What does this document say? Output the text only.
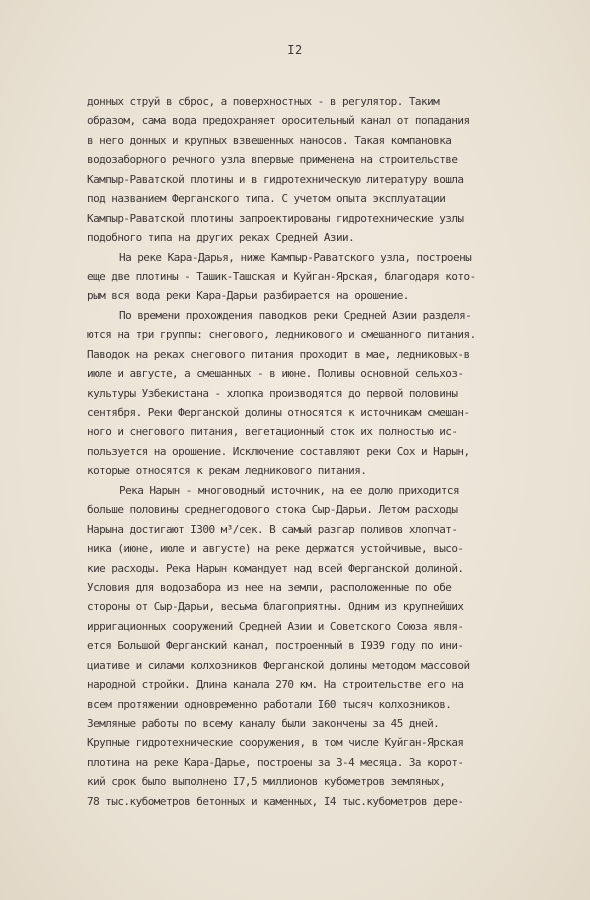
I2
донных струй в сброс, а поверхностных - в регулятор. Таким
образом, сама вода предохраняет оросительный канал от попадания
в него донных и крупных взвешенных наносов. Такая компановка
водозаборного речного узла впервые применена на строительстве
Кампыр-Раватской плотины и в гидротехническую литературу вошла
под названием Ферганского типа. С учетом опыта эксплуатации
Кампыр-Раватской плотины запроектированы гидротехнические узлы
подобного типа на других реках Средней Азии.
На реке Кара-Дарья, ниже Кампыр-Раватского узла, построены
еще две плотины - Ташик-Ташская и Куйган-Ярская, благодаря кото-
рым вся вода реки Кара-Дарьи разбирается на орошение.
По времени прохождения паводков реки Средней Азии разделя-
ются на три группы: снегового, ледникового и смешанного питания.
Паводок на реках снегового питания проходит в мае, ледниковых-в
июле и августе, а смешанных - в июне. Поливы основной сельхоз-
культуры Узбекистана - хлопка производятся до первой половины
сентября. Реки Ферганской долины относятся к источникам смешан-
ного и снегового питания, вегетационный сток их полностью ис-
пользуется на орошение. Исключение составляют реки Сох и Нарын,
которые относятся к рекам ледникового питания.
Река Нарын - многоводный источник, на ее долю приходится
больше половины среднегодового стока Сыр-Дарьи. Летом расходы
Нарына достигают I300 м³/сек. В самый разгар поливов хлопчат-
ника (июне, июле и августе) на реке держатся устойчивые, высо-
кие расходы. Река Нарын командует над всей Ферганской долиной.
Условия для водозабора из нее на земли, расположенные по обе
стороны от Сыр-Дарьи, весьма благоприятны. Одним из крупнейших
ирригационных сооружений Средней Азии и Советского Союза явля-
ется Большой Ферганский канал, построенный в I939 году по ини-
циативе и силами колхозников Ферганской долины методом массовой
народной стройки. Длина канала 270 км. На строительстве его на
всем протяжении одновременно работали I60 тысяч колхозников.
Земляные работы по всему каналу были закончены за 45 дней.
Крупные гидротехнические сооружения, в том числе Куйган-Ярская
плотина на реке Кара-Дарье, построены за 3-4 месяца. За корот-
кий срок было выполнено I7,5 миллионов кубометров земляных,
78 тыс.кубометров бетонных и каменных, I4 тыс.кубометров дере-
